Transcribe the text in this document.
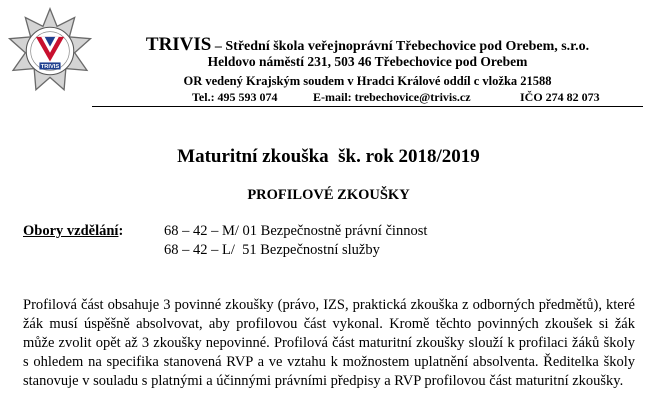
TRIVIS
TRIVIS – Střední škola veřejnoprávní Třebechovice pod Orebem, s.r.o.
Heldovo náměstí 231, 503 46 Třebechovice pod Orebem
OR vedený Krajským soudem v Hradci Králové oddíl c vložka 21588
Tel.: 495 593 074	E-mail: trebechovice@trivis.cz	IČO 274 82 073
Maturitní zkouška  šk. rok 2018/2019
PROFILOVÉ ZKOUŠKY
Obory vzdělání:	68 – 42 – M/ 01 Bezpečnostně právní činnost
68 – 42 – L/  51 Bezpečnostní služby
Profilová část obsahuje 3 povinné zkoušky (právo, IZS, praktická zkouška z odborných předmětů), které žák musí úspěšně absolvovat, aby profilovou část vykonal. Kromě těchto povinných zkoušek si žák může zvolit opět až 3 zkoušky nepovinné. Profilová část maturitní zkoušky slouží k profilaci žáků školy s ohledem na specifika stanovená RVP a ve vztahu k možnostem uplatnění absolventa. Ředitelka školy stanovuje v souladu s platnými a účinnými právními předpisy a RVP profilovou část maturitní zkoušky.
